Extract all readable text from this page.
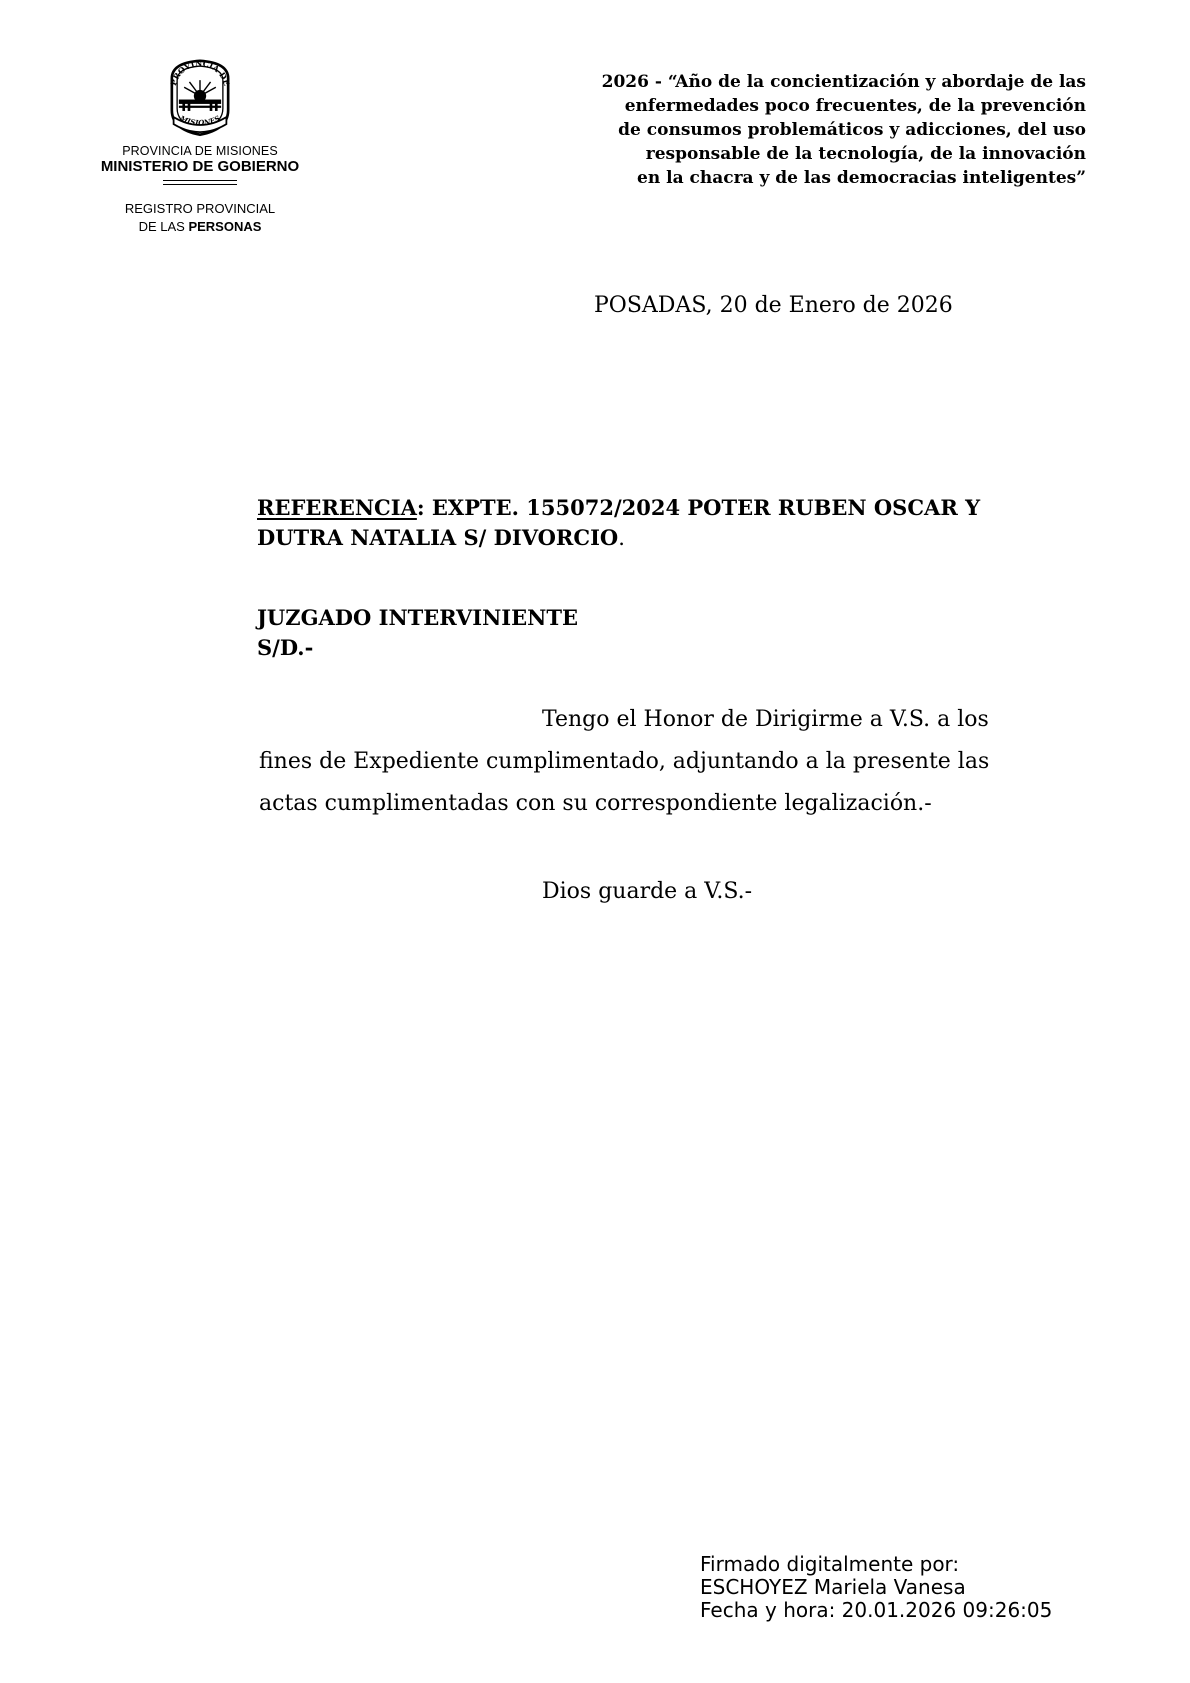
PROVINCIA DE
MISIONES
PROVINCIA DE MISIONES
MINISTERIO DE GOBIERNO
REGISTRO PROVINCIAL
DE LAS PERSONAS
2026 - “Año de la concientización y abordaje de las
enfermedades poco frecuentes, de la prevención
de consumos problemáticos y adicciones, del uso
responsable de la tecnología, de la innovación
en la chacra y de las democracias inteligentes”
POSADAS, 20 de Enero de 2026
REFERENCIA: EXPTE. 155072/2024 POTER RUBEN OSCAR Y
DUTRA NATALIA S/ DIVORCIO.
JUZGADO INTERVINIENTE
S/D.-
Tengo el Honor de Dirigirme a V.S. a los
fines de Expediente cumplimentado, adjuntando a la presente las
actas cumplimentadas con su correspondiente legalización.-
Dios guarde a V.S.-
Firmado digitalmente por:
ESCHOYEZ Mariela Vanesa
Fecha y hora: 20.01.2026 09:26:05
